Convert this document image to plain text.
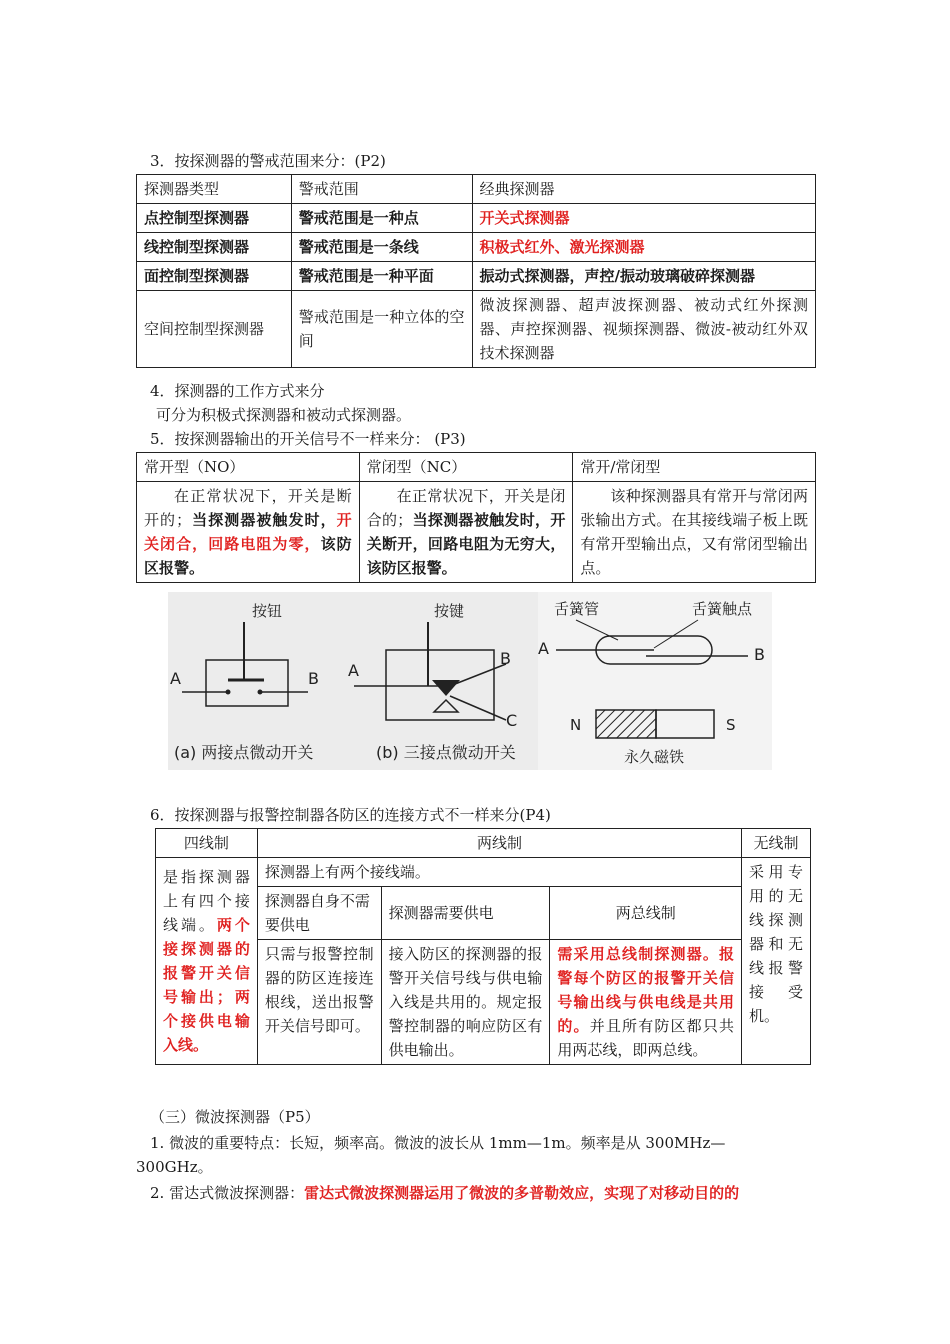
3．按探测器的警戒范围来分：(P2)
探测器类型	警戒范围	经典探测器
点控制型探测器	警戒范围是一种点	开关式探测器
线控制型探测器	警戒范围是一条线	积极式红外、激光探测器
面控制型探测器	警戒范围是一种平面	振动式探测器，声控/振动玻璃破碎探测器
空间控制型探测器	警戒范围是一种立体的空间	微波探测器、超声波探测器、被动式红外探测器、声控探测器、视频探测器、微波-被动红外双技术探测器
4．探测器的工作方式来分
可分为积极式探测器和被动式探测器。
5．按探测器输出的开关信号不一样来分： (P3)
常开型（NO）	常闭型（NC）	常开/常闭型
在正常状况下，开关是断开的；当探测器被触发时，开关闭合，回路电阻为零，该防区报警。	在正常状况下，开关是闭合的；当探测器被触发时，开关断开，回路电阻为无穷大，该防区报警。	该种探测器具有常开与常闭两张输出方式。在其接线端子板上既有常开型输出点，又有常闭型输出点。
按钮
A	B
(a) 两接点微动开关
按键
A
B
C
(b) 三接点微动开关
舌簧管	舌簧触点
A	B
N	S
永久磁铁
6．按探测器与报警控制器各防区的连接方式不一样来分(P4)
四线制	两线制			无线制
是指探测器上有四个接线端。两个接探测器的报警开关信号输出；两个接供电输入线。	探测器上有两个接线端。			采用专用的无线探测器和无线报警接 受机。
	探测器自身不需要供电	探测器需要供电	两总线制	
	只需与报警控制器的防区连接连根线，送出报警开关信号即可。	接入防区的探测器的报警开关信号线与供电输入线是共用的。规定报警控制器的响应防区有供电输出。	需采用总线制探测器。报警每个防区的报警开关信号输出线与供电线是共用的。并且所有防区都只共用两芯线，即两总线。	
（三）微波探测器（P5）
1. 微波的重要特点：长短，频率高。微波的波长从 1mm—1m。频率是从 300MHz—
300GHz。
2. 雷达式微波探测器：雷达式微波探测器运用了微波的多普勒效应，实现了对移动目的的
